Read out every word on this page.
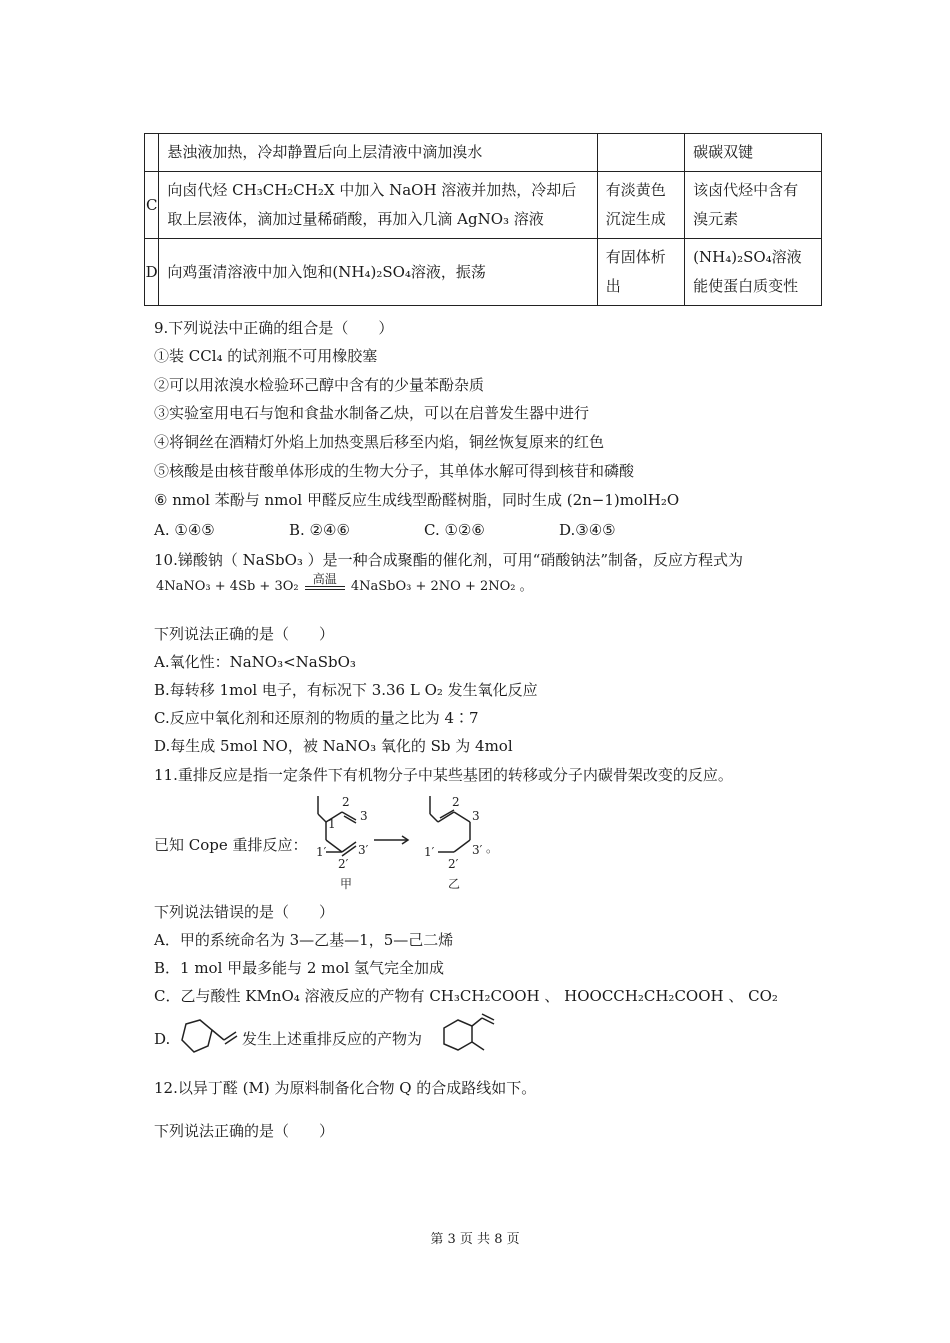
	悬浊液加热，冷却静置后向上层清液中滴加溴水		碳碳双键
C	向卤代烃 CH₃CH₂CH₂X 中加入 NaOH 溶液并加热，冷却后取上层液体，滴加过量稀硝酸，再加入几滴 AgNO₃ 溶液	有淡黄色沉淀生成	该卤代烃中含有溴元素
D	向鸡蛋清溶液中加入饱和(NH₄)₂SO₄溶液，振荡	有固体析出	(NH₄)₂SO₄溶液能使蛋白质变性
9.下列说法中正确的组合是（　　）
①装 CCl₄ 的试剂瓶不可用橡胶塞
②可以用浓溴水检验环己醇中含有的少量苯酚杂质
③实验室用电石与饱和食盐水制备乙炔，可以在启普发生器中进行
④将铜丝在酒精灯外焰上加热变黑后移至内焰，铜丝恢复原来的红色
⑤核酸是由核苷酸单体形成的生物大分子，其单体水解可得到核苷和磷酸
⑥ nmol 苯酚与 nmol 甲醛反应生成线型酚醛树脂，同时生成 (2n−1)molH₂O
A. ①④⑤	B. ②④⑥	C. ①②⑥	D.③④⑤
10.锑酸钠（ NaSbO₃ ）是一种合成聚酯的催化剂，可用“硝酸钠法”制备，反应方程式为
4NaNO₃ + 4Sb + 3O₂	高温	4NaSbO₃ + 2NO + 2NO₂ 。
下列说法正确的是（　　）
A.氧化性：NaNO₃<NaSbO₃
B.每转移 1mol 电子，有标况下 3.36 L O₂ 发生氧化反应
C.反应中氧化剂和还原剂的物质的量之比为 4∶7
D.每生成 5mol NO，被 NaNO₃ 氧化的 Sb 为 4mol
11.重排反应是指一定条件下有机物分子中某些基团的转移或分子内碳骨架改变的反应。
已知 Cope 重排反应：
1
2
3
1′
2′
3′
甲
2
3
1′
2′
3′ 。
乙
下列说法错误的是（　　）
A．甲的系统命名为 3—乙基—1，5—己二烯
B．1 mol 甲最多能与 2 mol 氢气完全加成
C．乙与酸性 KMnO₄ 溶液反应的产物有 CH₃CH₂COOH 、 HOOCCH₂CH₂COOH 、 CO₂
D.	发生上述重排反应的产物为
12.以异丁醛 (M) 为原料制备化合物 Q 的合成路线如下。
下列说法正确的是（　　）
第 3 页 共 8 页
